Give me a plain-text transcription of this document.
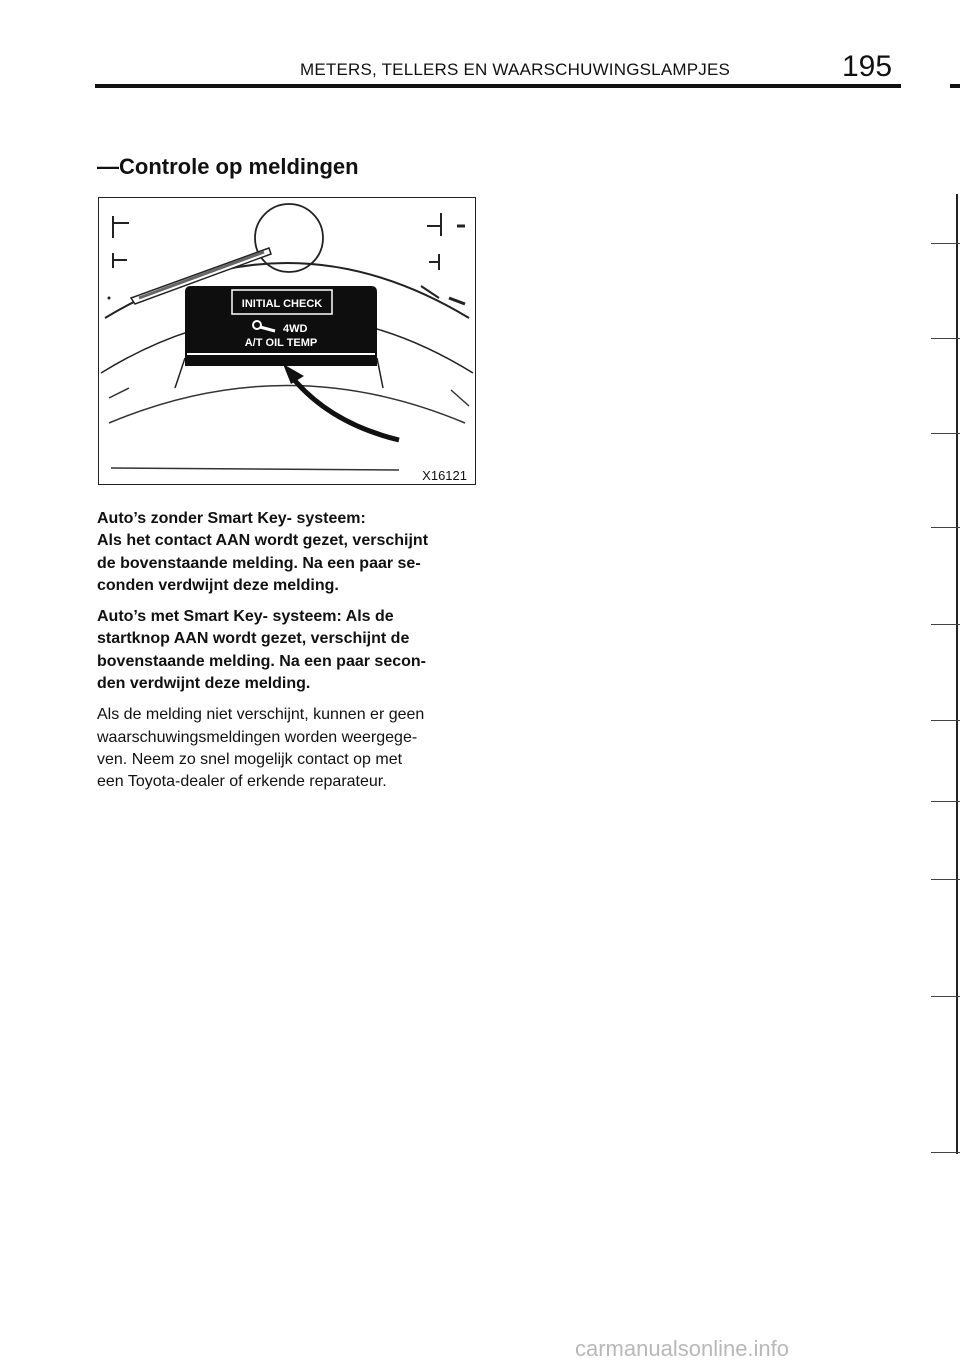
METERS, TELLERS EN WAARSCHUWINGSLAMPJES	195
—Controle op meldingen
INITIAL CHECK
4WD
A/T OIL TEMP
X16121
Auto’s zonder Smart Key- systeem:
Als het contact AAN wordt gezet, verschijnt
de bovenstaande melding. Na een paar se-
conden verdwijnt deze melding.
Auto’s met Smart Key- systeem: Als de
startknop AAN wordt gezet, verschijnt de
bovenstaande melding. Na een paar secon-
den verdwijnt deze melding.
Als de melding niet verschijnt, kunnen er geen
waarschuwingsmeldingen worden weergege-
ven. Neem zo snel mogelijk contact op met
een Toyota‑dealer of erkende reparateur.
carmanualsonline.info
